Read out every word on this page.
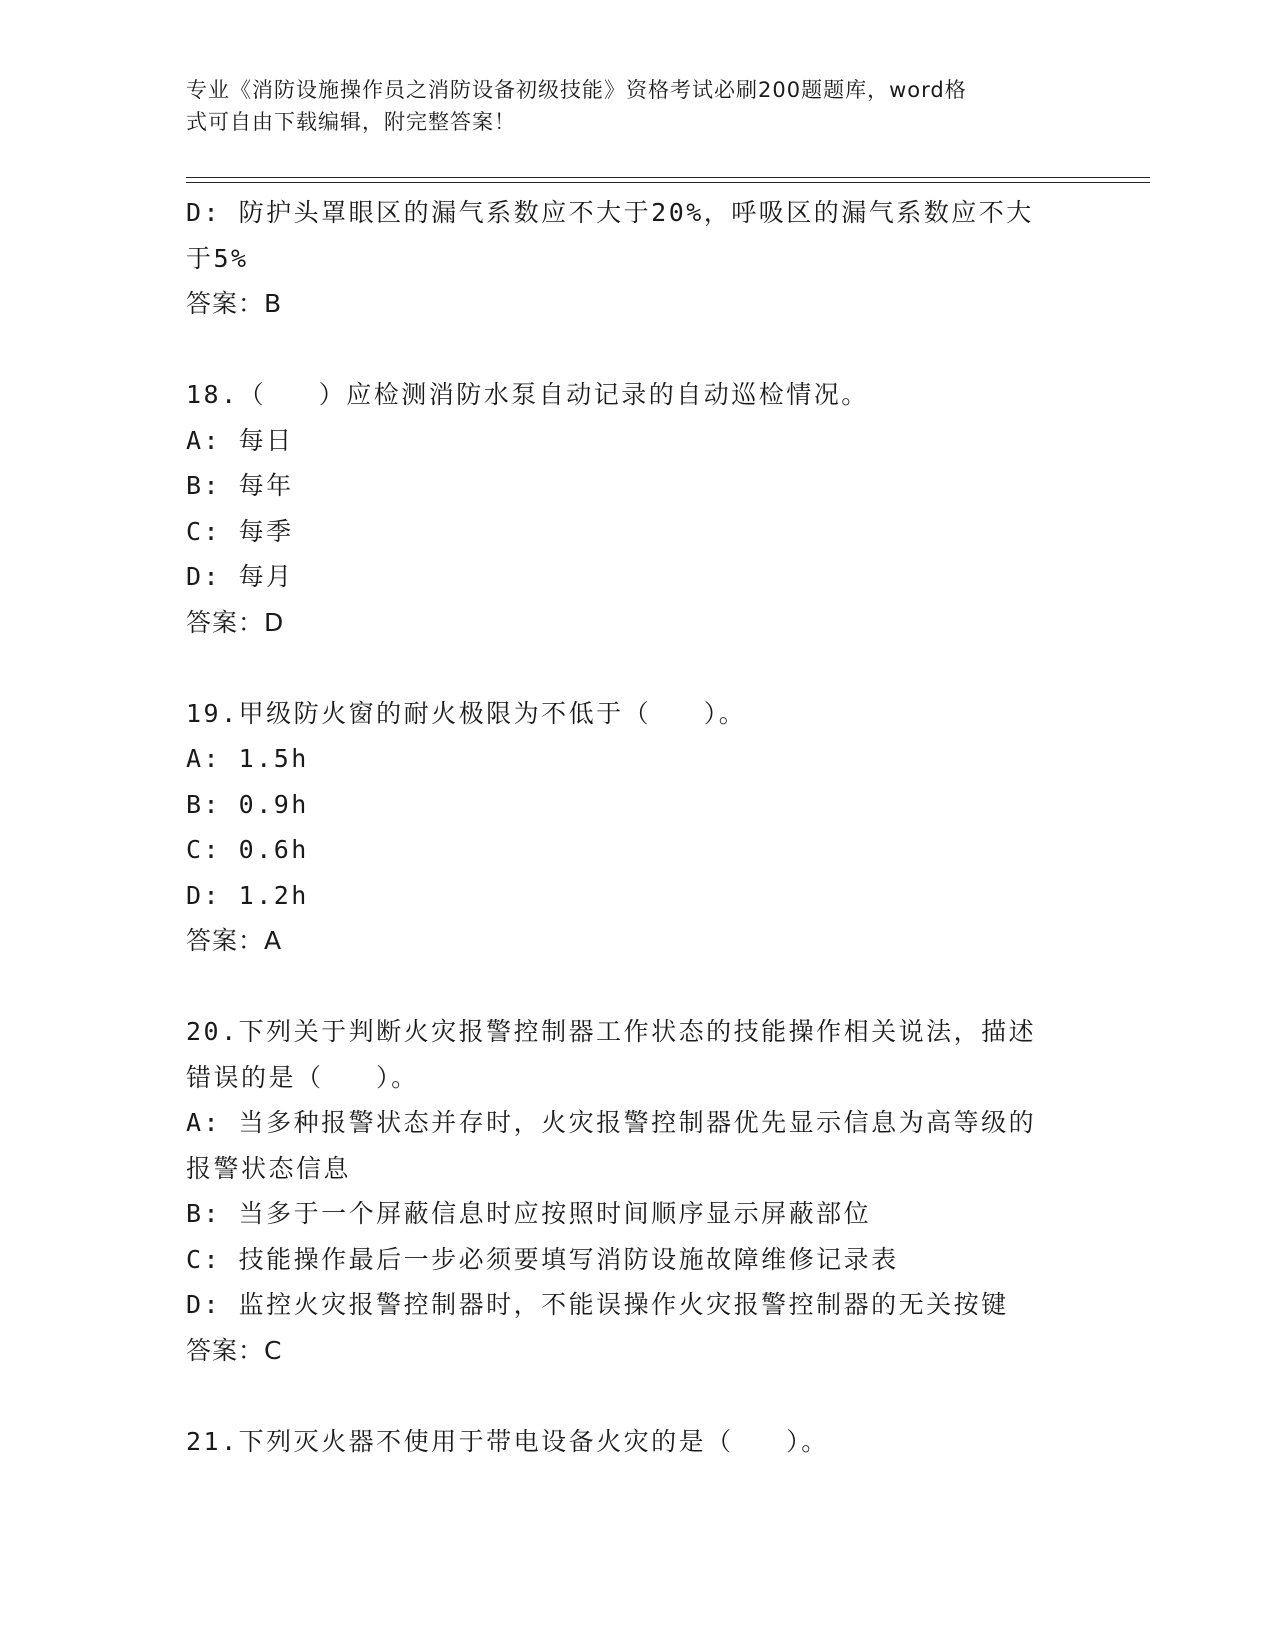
专业《消防设施操作员之消防设备初级技能》资格考试必刷200题题库，word格
式可自由下载编辑，附完整答案！
D: 防护头罩眼区的漏气系数应不大于20%，呼吸区的漏气系数应不大
于5%
答案：B
18.（   ）应检测消防水泵自动记录的自动巡检情况。
A: 每日
B: 每年
C: 每季
D: 每月
答案：D
19.甲级防火窗的耐火极限为不低于（   ）。
A: 1.5h
B: 0.9h
C: 0.6h
D: 1.2h
答案：A
20.下列关于判断火灾报警控制器工作状态的技能操作相关说法，描述
错误的是（   ）。
A: 当多种报警状态并存时，火灾报警控制器优先显示信息为高等级的
报警状态信息
B: 当多于一个屏蔽信息时应按照时间顺序显示屏蔽部位
C: 技能操作最后一步必须要填写消防设施故障维修记录表
D: 监控火灾报警控制器时，不能误操作火灾报警控制器的无关按键
答案：C
21.下列灭火器不使用于带电设备火灾的是（   ）。
